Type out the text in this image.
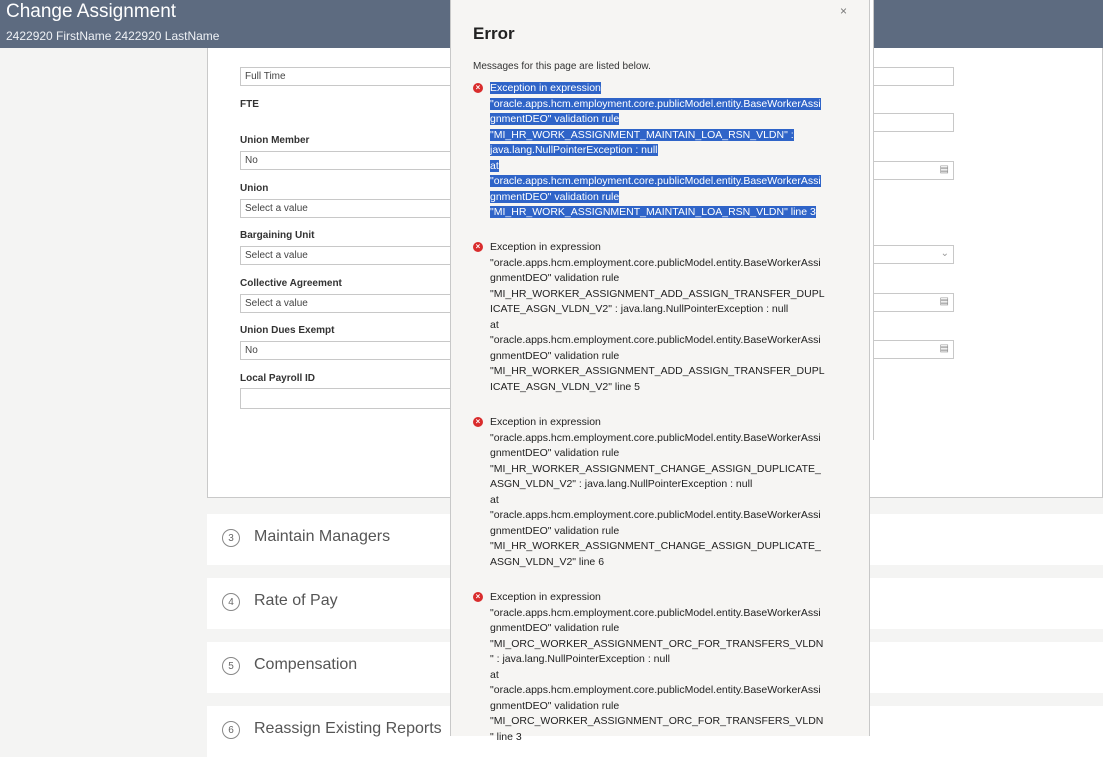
Change Assignment
2422920 FirstName 2422920 LastName
Full Time
FTE
Union Member
No
Union
Select a value
Bargaining Unit
Select a value
Collective Agreement
Select a value
Union Dues Exempt
No
Local Payroll ID
▤
⌄
▤
▤
3	Maintain Managers
4	Rate of Pay
5	Compensation
6	Reassign Existing Reports
×
Error
Messages for this page are listed below.
× Exception in expression
"oracle.apps.hcm.employment.core.publicModel.entity.BaseWorkerAssi
gnmentDEO" validation rule
"MI_HR_WORK_ASSIGNMENT_MAINTAIN_LOA_RSN_VLDN" :
java.lang.NullPointerException : null
at
"oracle.apps.hcm.employment.core.publicModel.entity.BaseWorkerAssi
gnmentDEO" validation rule
"MI_HR_WORK_ASSIGNMENT_MAINTAIN_LOA_RSN_VLDN" line 3
× Exception in expression
"oracle.apps.hcm.employment.core.publicModel.entity.BaseWorkerAssi
gnmentDEO" validation rule
"MI_HR_WORKER_ASSIGNMENT_ADD_ASSIGN_TRANSFER_DUPL
ICATE_ASGN_VLDN_V2" : java.lang.NullPointerException : null
at
"oracle.apps.hcm.employment.core.publicModel.entity.BaseWorkerAssi
gnmentDEO" validation rule
"MI_HR_WORKER_ASSIGNMENT_ADD_ASSIGN_TRANSFER_DUPL
ICATE_ASGN_VLDN_V2" line 5
× Exception in expression
"oracle.apps.hcm.employment.core.publicModel.entity.BaseWorkerAssi
gnmentDEO" validation rule
"MI_HR_WORKER_ASSIGNMENT_CHANGE_ASSIGN_DUPLICATE_
ASGN_VLDN_V2" : java.lang.NullPointerException : null
at
"oracle.apps.hcm.employment.core.publicModel.entity.BaseWorkerAssi
gnmentDEO" validation rule
"MI_HR_WORKER_ASSIGNMENT_CHANGE_ASSIGN_DUPLICATE_
ASGN_VLDN_V2" line 6
× Exception in expression
"oracle.apps.hcm.employment.core.publicModel.entity.BaseWorkerAssi
gnmentDEO" validation rule
"MI_ORC_WORKER_ASSIGNMENT_ORC_FOR_TRANSFERS_VLDN
" : java.lang.NullPointerException : null
at
"oracle.apps.hcm.employment.core.publicModel.entity.BaseWorkerAssi
gnmentDEO" validation rule
"MI_ORC_WORKER_ASSIGNMENT_ORC_FOR_TRANSFERS_VLDN
" line 3
